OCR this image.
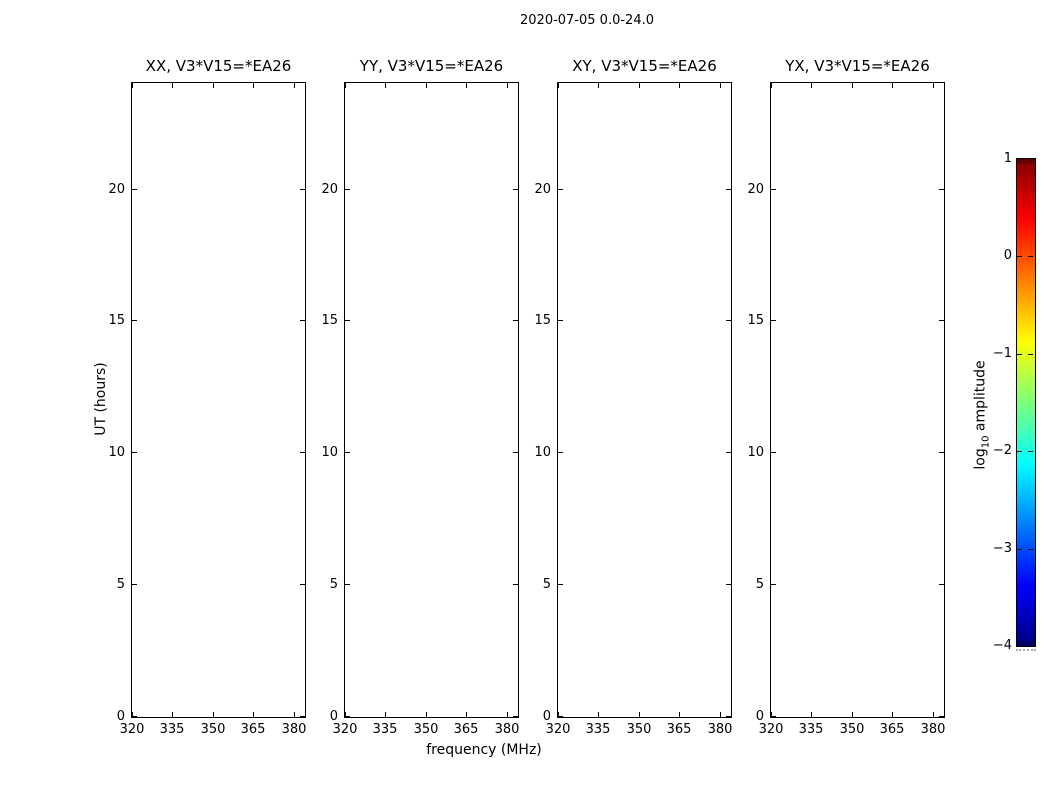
2020-07-05 0.0-24.0
frequency (MHz)
UT (hours)
XX, V3*V15=*EA26
320 335 350 365 380
0
5
10
15
20
YY, V3*V15=*EA26
320 335 350 365 380
0
5
10
15
20
XY, V3*V15=*EA26
320 335 350 365 380
0
5
10
15
20
YX, V3*V15=*EA26
320 335 350 365 380
0
5
10
15
20
$\log_{10}$ amplitude
1
0
−1
−2
−3
−4
